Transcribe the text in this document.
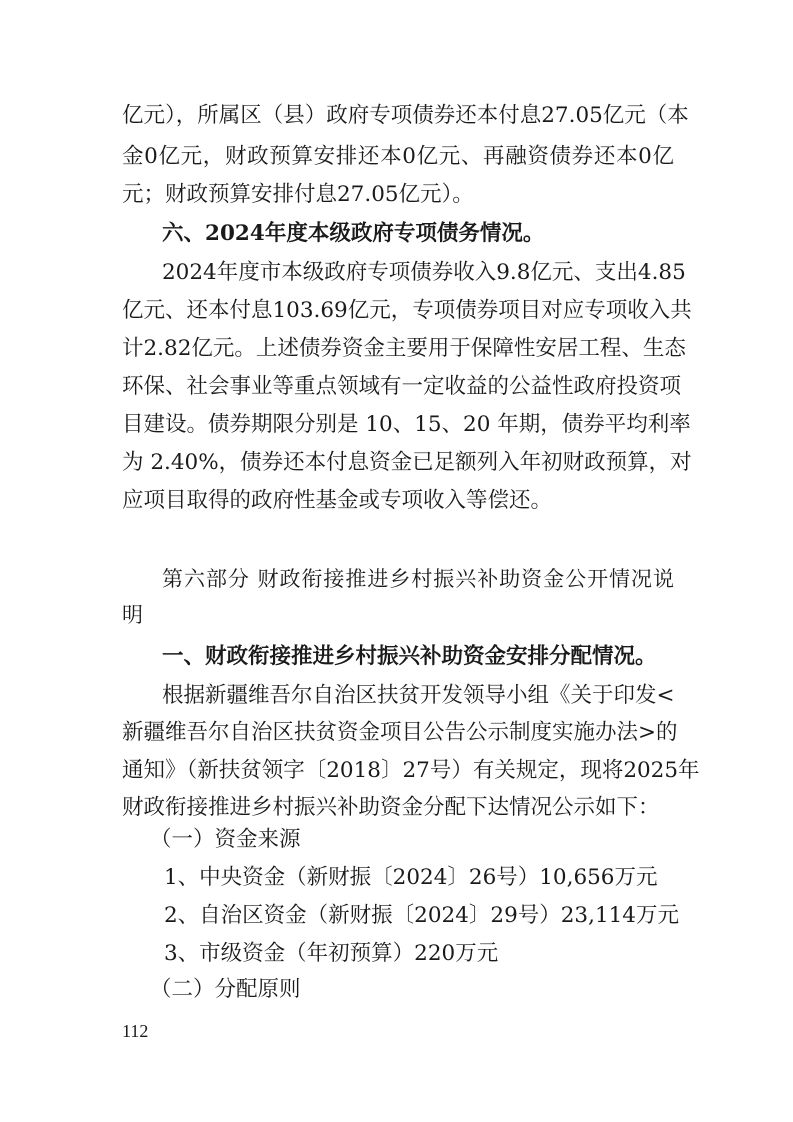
亿元），所属区（县）政府专项债券还本付息27.05亿元（本
金0亿元，财政预算安排还本0亿元、再融资债券还本0亿
元；财政预算安排付息27.05亿元）。
六、2024年度本级政府专项债务情况。
2024年度市本级政府专项债券收入9.8亿元、支出4.85
亿元、还本付息103.69亿元，专项债券项目对应专项收入共
计2.82亿元。上述债券资金主要用于保障性安居工程、生态
环保、社会事业等重点领域有一定收益的公益性政府投资项
目建设。债券期限分别是 10、15、20 年期，债券平均利率
为 2.40%，债券还本付息资金已足额列入年初财政预算，对
应项目取得的政府性基金或专项收入等偿还。
第六部分 财政衔接推进乡村振兴补助资金公开情况说
明
一、财政衔接推进乡村振兴补助资金安排分配情况。
根据新疆维吾尔自治区扶贫开发领导小组《关于印发<
新疆维吾尔自治区扶贫资金项目公告公示制度实施办法>的
通知》（新扶贫领字〔2018〕27号）有关规定，现将2025年
财政衔接推进乡村振兴补助资金分配下达情况公示如下：
（一）资金来源
1、中央资金（新财振〔2024〕26号）10,656万元
2、自治区资金（新财振〔2024〕29号）23,114万元
3、市级资金（年初预算）220万元
（二）分配原则
112
